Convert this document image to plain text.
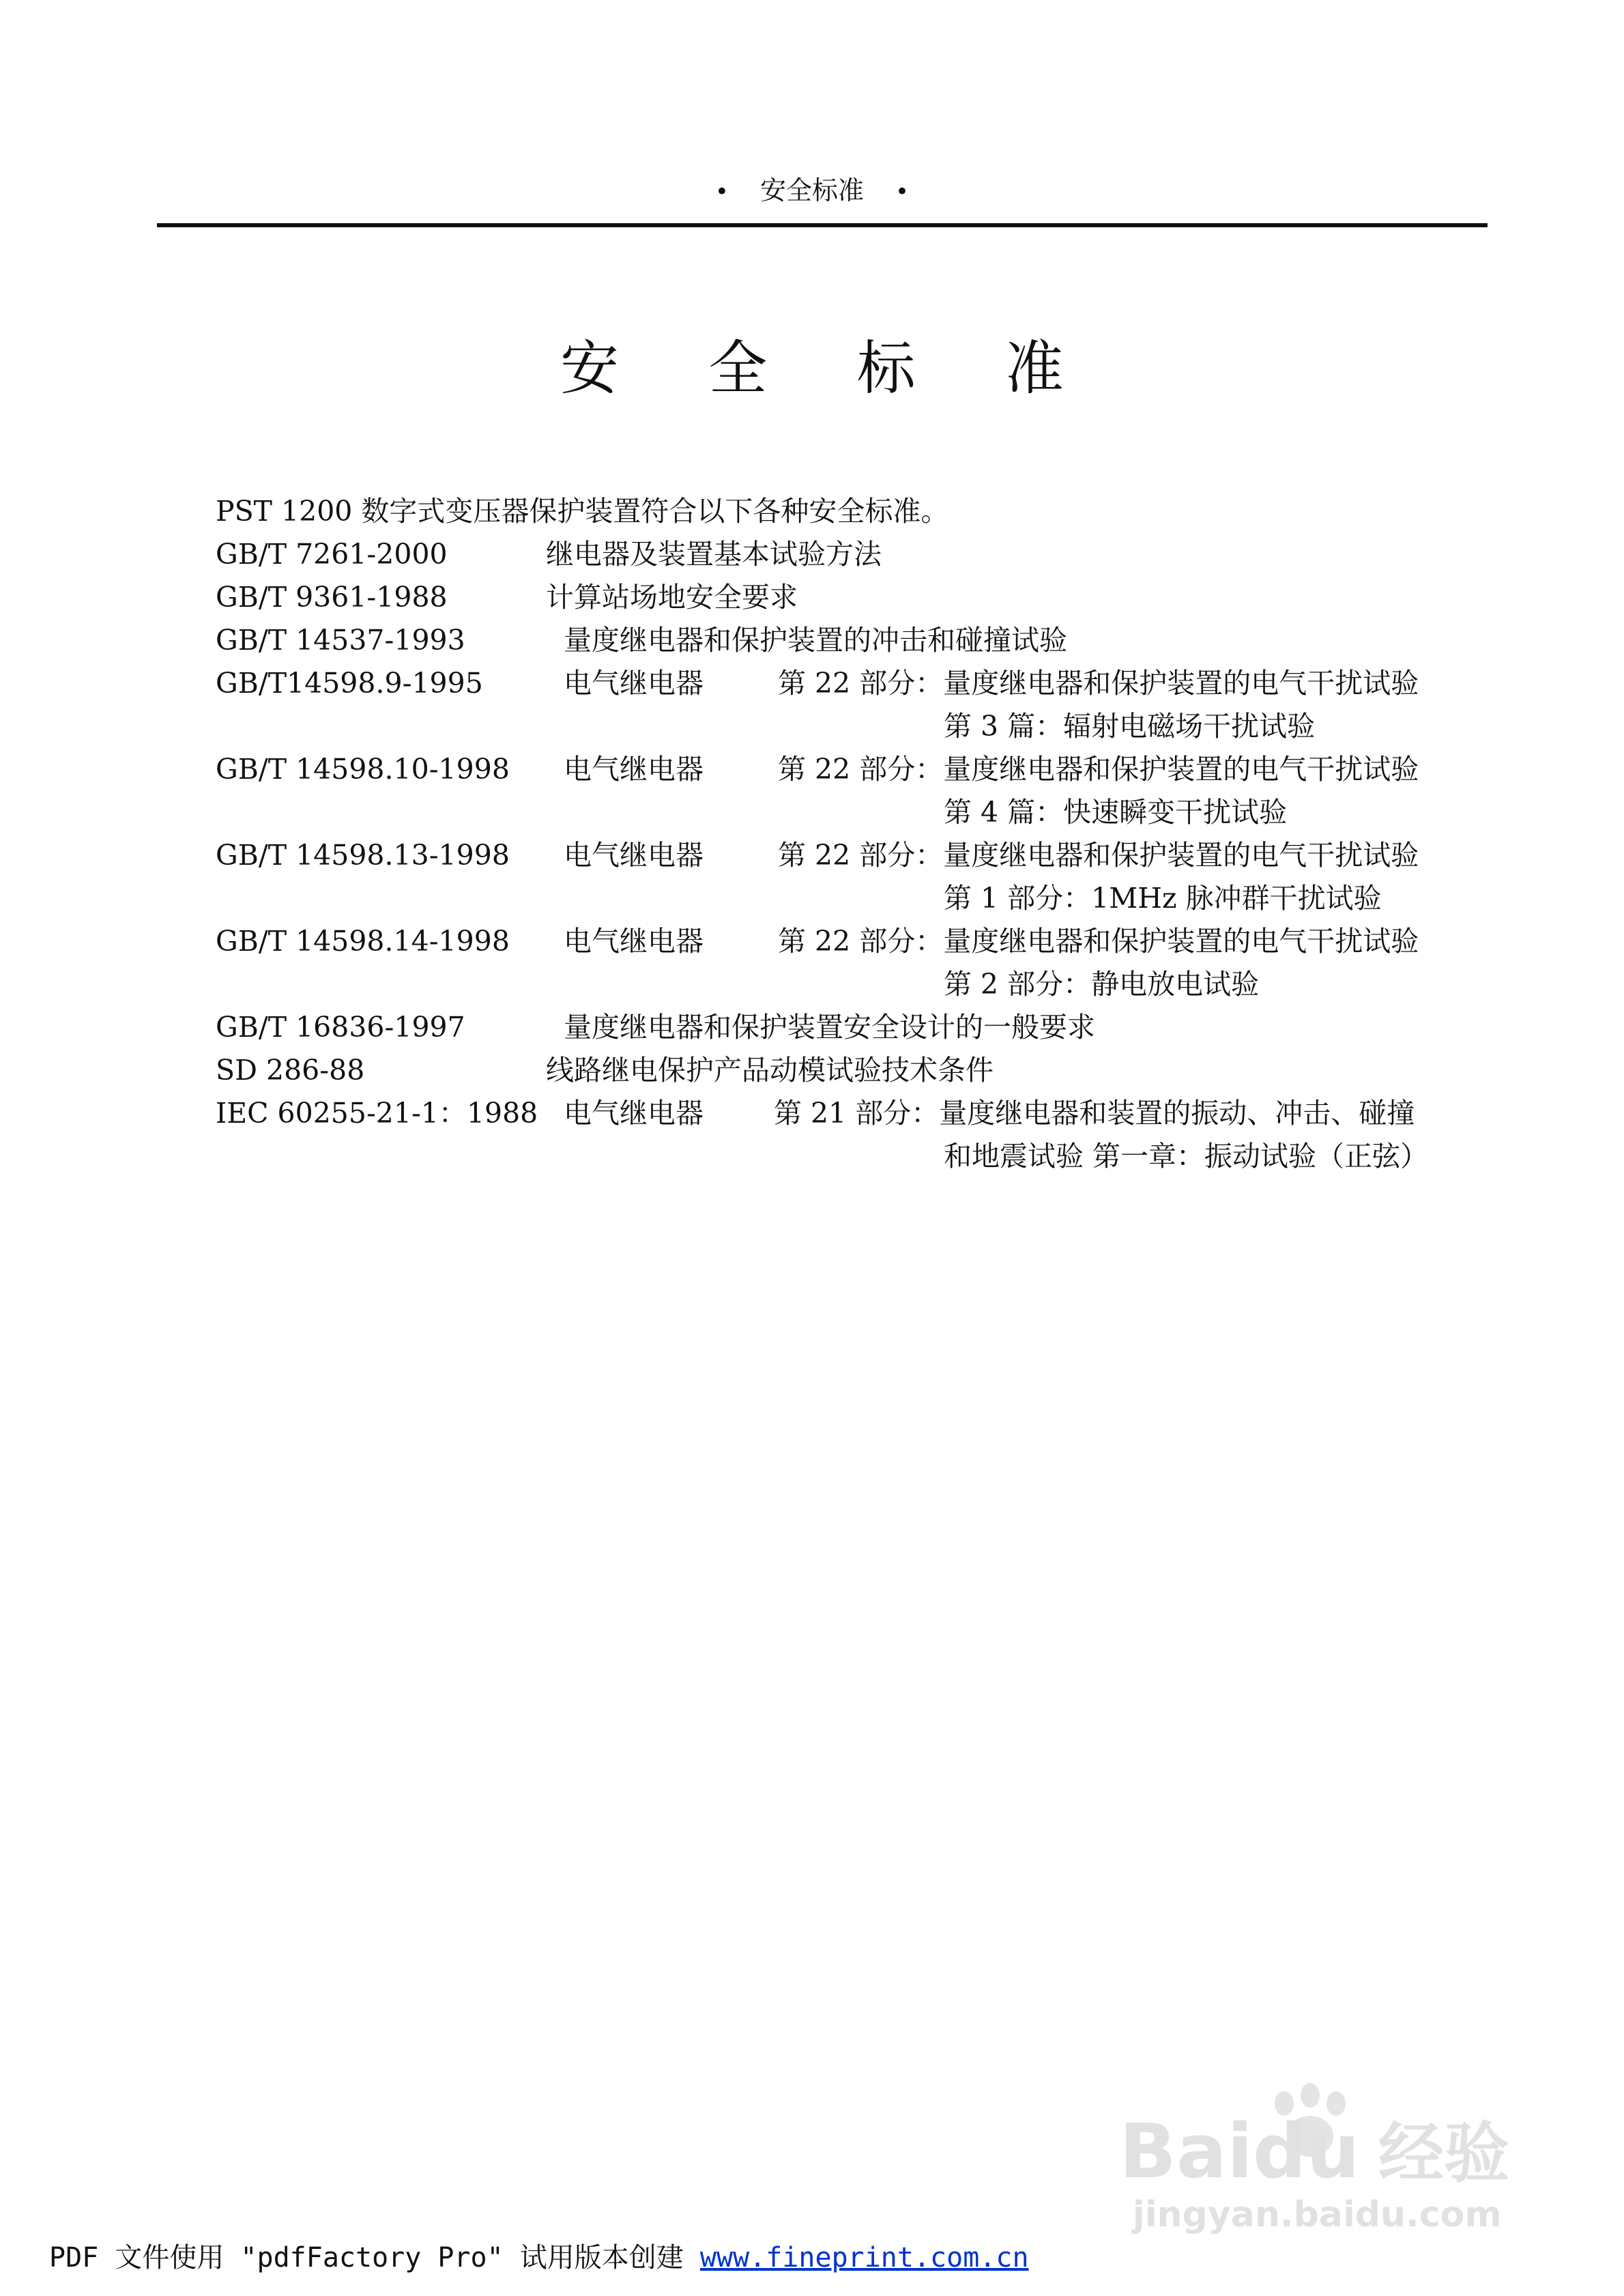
• 安全标准 •
安 全 标 准
PST 1200 数字式变压器保护装置符合以下各种安全标准。
GB/T 7261-2000	继电器及装置基本试验方法
GB/T 9361-1988	计算站场地安全要求
GB/T 14537-1993	量度继电器和保护装置的冲击和碰撞试验
GB/T14598.9-1995	电气继电器	第 22 部分：量度继电器和保护装置的电气干扰试验
第 3 篇：辐射电磁场干扰试验
GB/T 14598.10-1998 电气继电器	第 22 部分：量度继电器和保护装置的电气干扰试验
第 4 篇：快速瞬变干扰试验
GB/T 14598.13-1998 电气继电器	第 22 部分：量度继电器和保护装置的电气干扰试验
第 1 部分：1MHz 脉冲群干扰试验
GB/T 14598.14-1998 电气继电器	第 22 部分：量度继电器和保护装置的电气干扰试验
第 2 部分：静电放电试验
GB/T 16836-1997	量度继电器和保护装置安全设计的一般要求
SD 286-88	线路继电保护产品动模试验技术条件
IEC 60255-21-1：1988 电气继电器	第 21 部分：量度继电器和装置的振动、冲击、碰撞
和地震试验 第一章：振动试验（正弦）
Baidu 经验
jingyan.baidu.com
PDF 文件使用 "pdfFactory Pro" 试用版本创建 www.fineprint.com.cn
